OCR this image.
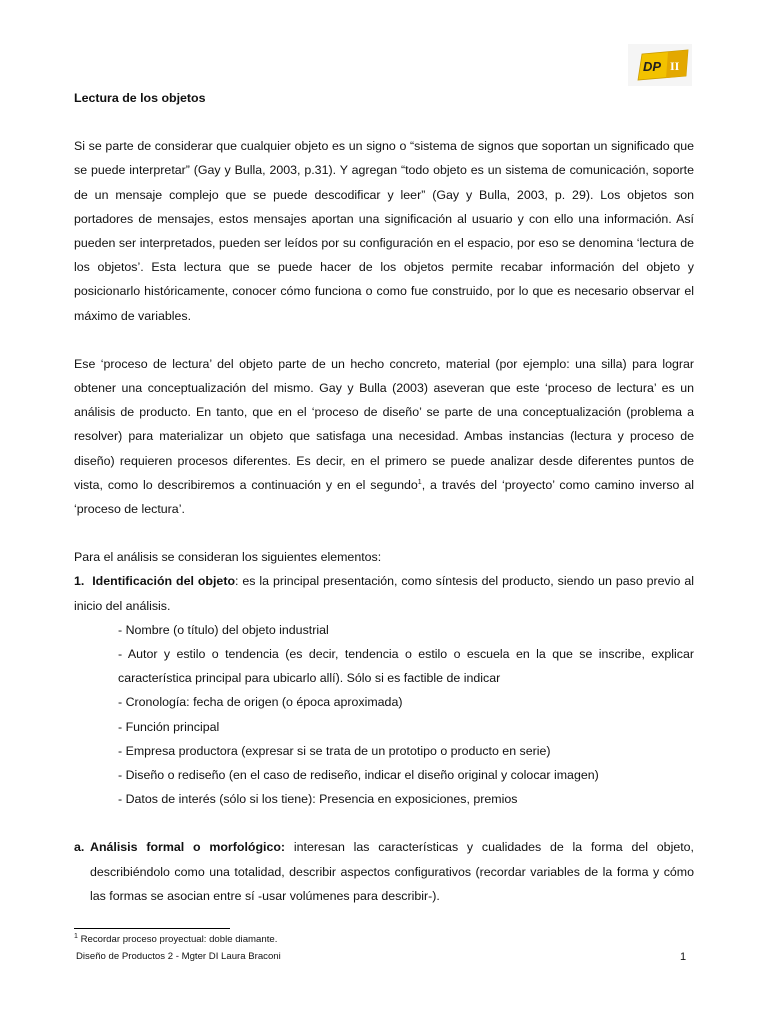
DP II

Lectura de los objetos

Si se parte de considerar que cualquier objeto es un signo o “sistema de signos que soportan un significado que se puede interpretar” (Gay y Bulla, 2003, p.31). Y agregan “todo objeto es un sistema de comunicación, soporte de un mensaje complejo que se puede descodificar y leer” (Gay y Bulla, 2003, p. 29). Los objetos son portadores de mensajes, estos mensajes aportan una significación al usuario y con ello una información. Así pueden ser interpretados, pueden ser leídos por su configuración en el espacio, por eso se denomina ‘lectura de los objetos’. Esta lectura que se puede hacer de los objetos permite recabar información del objeto y posicionarlo históricamente, conocer cómo funciona o como fue construido, por lo que es necesario observar el máximo de variables.

Ese ‘proceso de lectura’ del objeto parte de un hecho concreto, material (por ejemplo: una silla) para lograr obtener una conceptualización del mismo. Gay y Bulla (2003) aseveran que este ‘proceso de lectura’ es un análisis de producto. En tanto, que en el ‘proceso de diseño’ se parte de una conceptualización (problema a resolver) para materializar un objeto que satisfaga una necesidad. Ambas instancias (lectura y proceso de diseño) requieren procesos diferentes. Es decir, en el primero se puede analizar desde diferentes puntos de vista, como lo describiremos a continuación y en el segundo$^1$, a través del ‘proyecto’ como camino inverso al ‘proceso de lectura’.

Para el análisis se consideran los siguientes elementos:

1. Identificación del objeto: es la principal presentación, como síntesis del producto, siendo un paso previo al inicio del análisis.

- Nombre (o título) del objeto industrial

- Autor y estilo o tendencia (es decir, tendencia o estilo o escuela en la que se inscribe, explicar característica principal para ubicarlo allí). Sólo si es factible de indicar

- Cronología: fecha de origen (o época aproximada)

- Función principal

- Empresa productora (expresar si se trata de un prototipo o producto en serie)

- Diseño o rediseño (en el caso de rediseño, indicar el diseño original y colocar imagen)

- Datos de interés (sólo si los tiene): Presencia en exposiciones, premios

a. Análisis formal o morfológico: interesan las características y cualidades de la forma del objeto, describiéndolo como una totalidad, describir aspectos configurativos (recordar variables de la forma y cómo las formas se asocian entre sí -usar volúmenes para describir-).

$^1$ Recordar proceso proyectual: doble diamante.
Diseño de Productos 2 - Mgter DI Laura Braconi	1
